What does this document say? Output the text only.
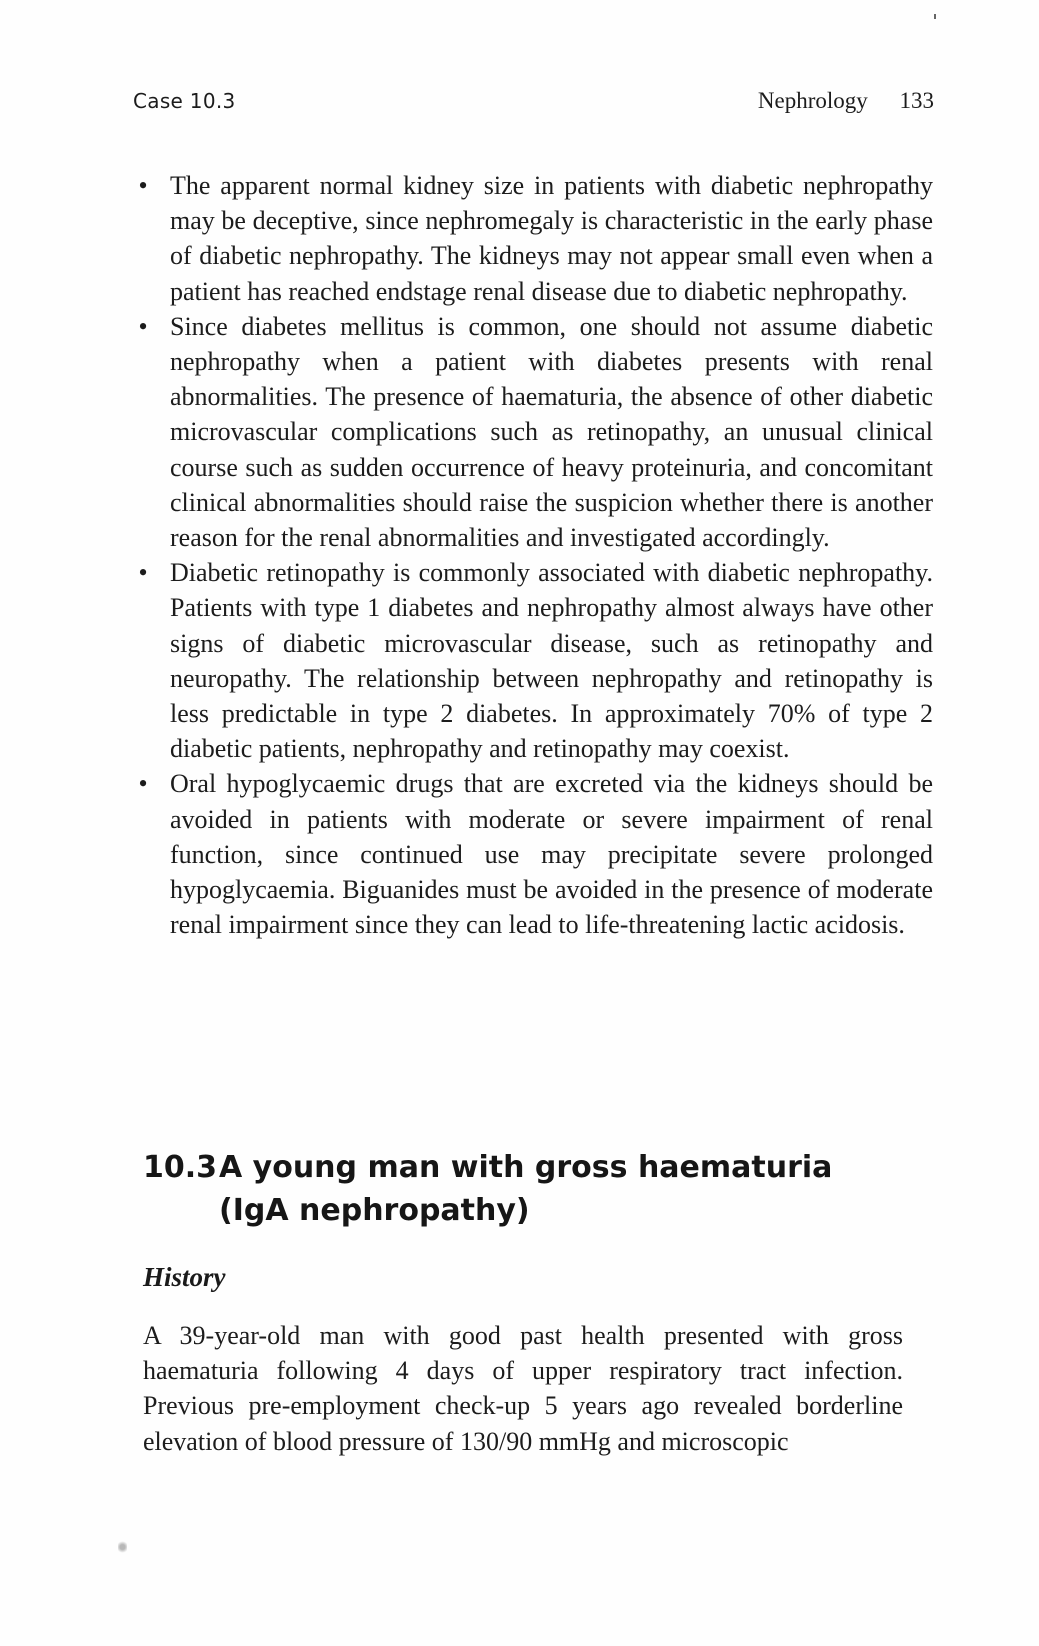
Case 10.3	Nephrology 133
• The apparent normal kidney size in patients with diabetic nephropathy may be deceptive, since nephromegaly is characteristic in the early phase of diabetic nephropathy. The kidneys may not appear small even when a patient has reached endstage renal disease due to diabetic nephropathy.
• Since diabetes mellitus is common, one should not assume diabetic nephropathy when a patient with diabetes presents with renal abnormalities. The presence of haematuria, the absence of other diabetic microvascular complications such as retinopathy, an unusual clinical course such as sudden occurrence of heavy proteinuria, and concomitant clinical abnormalities should raise the suspicion whether there is another reason for the renal abnormalities and investigated accordingly.
• Diabetic retinopathy is commonly associated with diabetic nephropathy. Patients with type 1 diabetes and nephropathy almost always have other signs of diabetic microvascular disease, such as retinopathy and neuropathy. The relationship between nephropathy and retinopathy is less predictable in type 2 diabetes. In approximately 70% of type 2 diabetic patients, nephropathy and retinopathy may coexist.
• Oral hypoglycaemic drugs that are excreted via the kidneys should be avoided in patients with moderate or severe impairment of renal function, since continued use may precipitate severe prolonged hypoglycaemia. Biguanides must be avoided in the presence of moderate renal impairment since they can lead to life-threatening lactic acidosis.
10.3A young man with gross haematuria
(IgA nephropathy)
History

A 39-year-old man with good past health presented with gross haematuria following 4 days of upper respiratory tract infection. Previous pre-employment check-up 5 years ago revealed borderline elevation of blood pressure of 130/90 mmHg and microscopic
